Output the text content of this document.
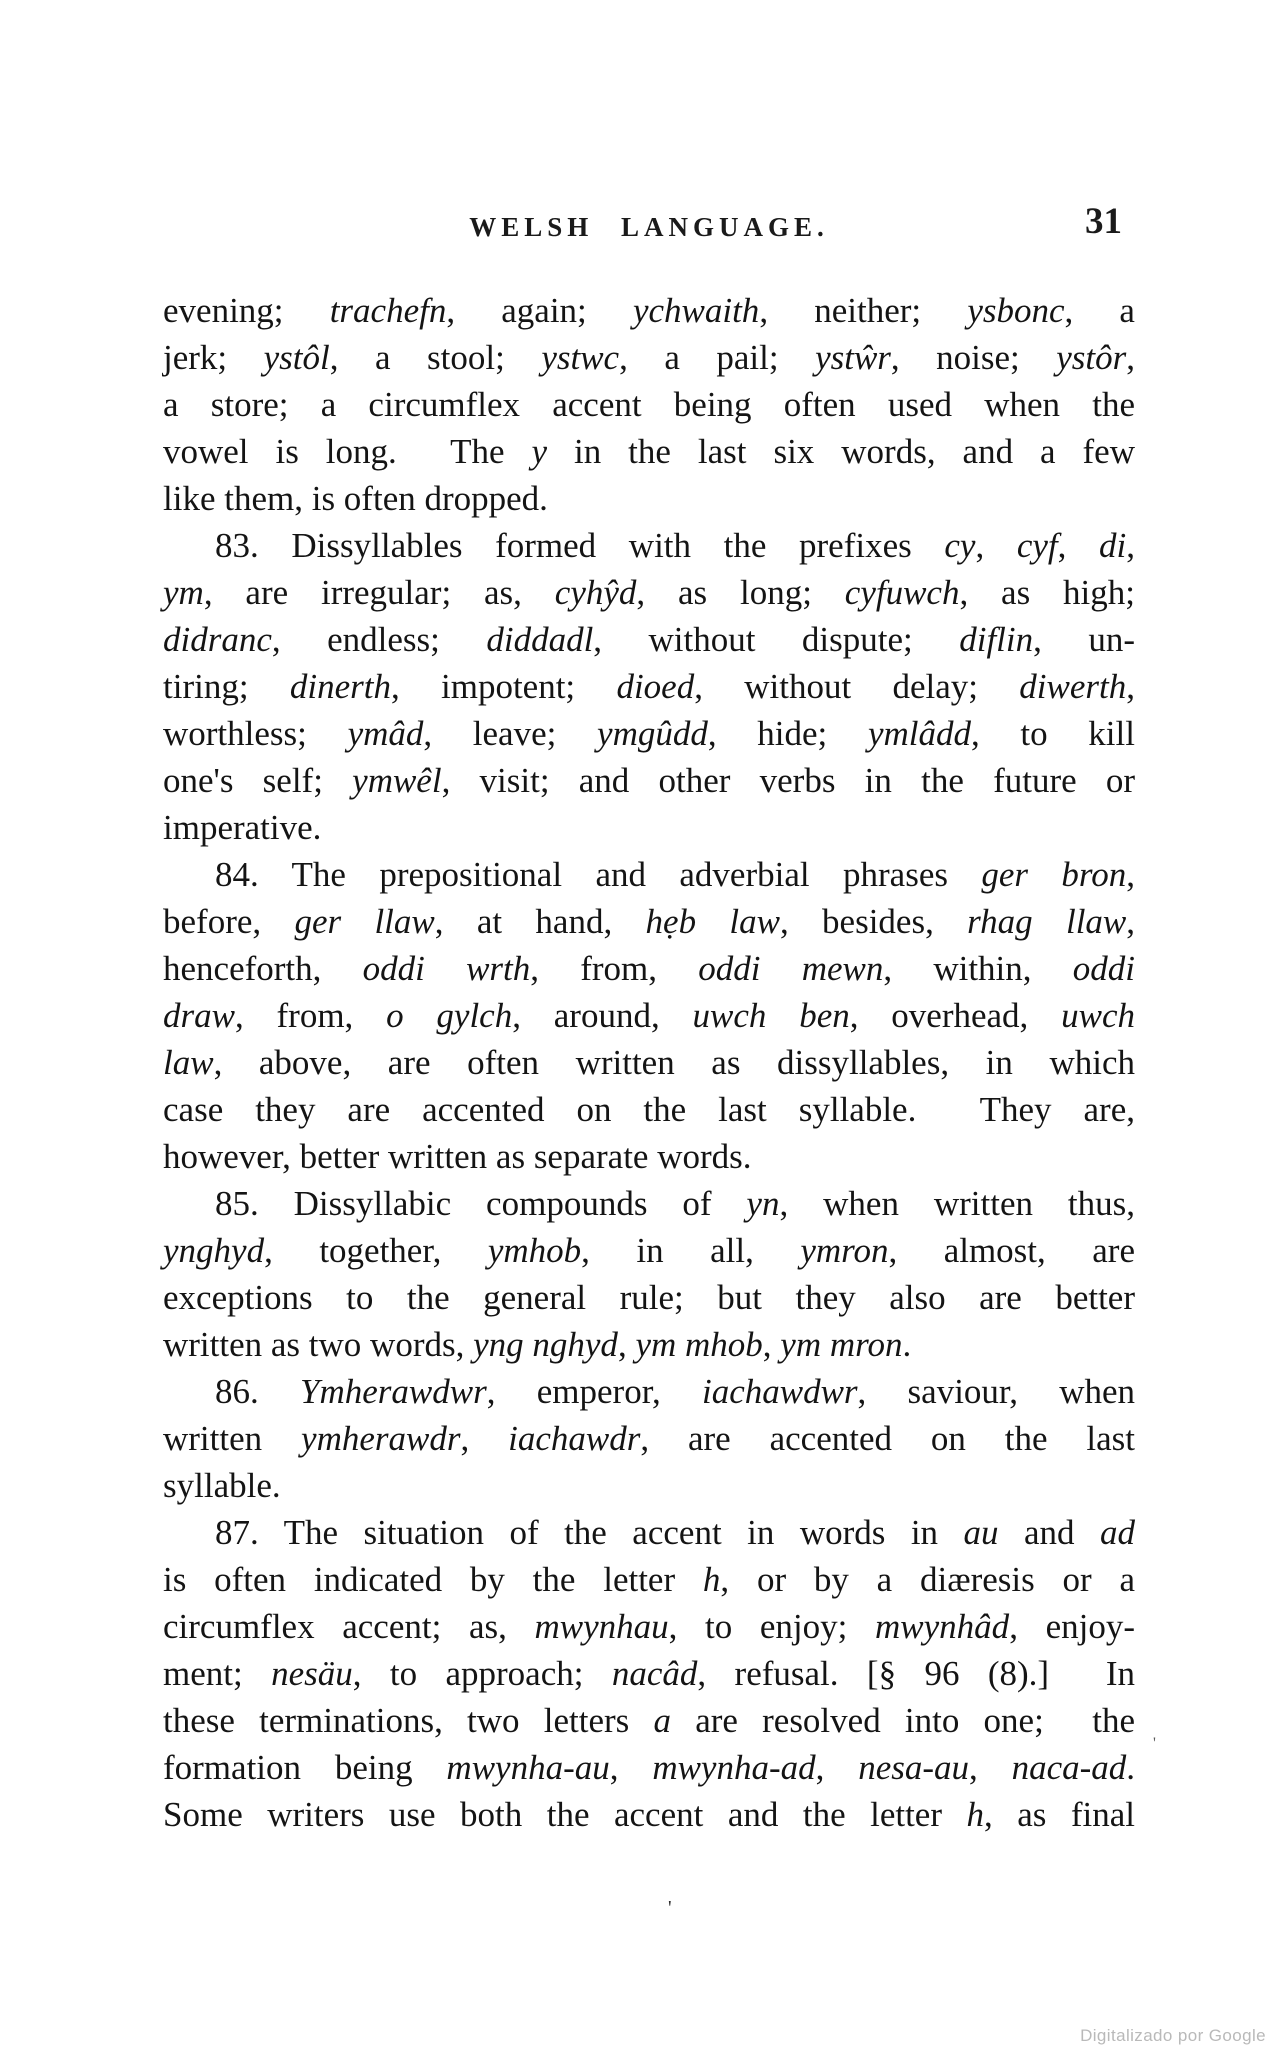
WELSH LANGUAGE.	31
evening; trachefn, again; ychwaith, neither; ysbonc, a
jerk; ystôl, a stool; ystwc, a pail; ystŵr, noise; ystôr,
a store; a circumflex accent being often used when the
vowel is long.  The y in the last six words, and a few
like them, is often dropped.
83. Dissyllables formed with the prefixes cy, cyf, di,
ym, are irregular; as, cyhŷd, as long; cyfuwch, as high;
didranc, endless; diddadl, without dispute; diflin, un-
tiring; dinerth, impotent; dioed, without delay; diwerth,
worthless; ymâd, leave; ymgûdd, hide; ymlâdd, to kill
one's self; ymwêl, visit; and other verbs in the future or
imperative.
84. The prepositional and adverbial phrases ger bron,
before, ger llaw, at hand, hẹb law, besides, rhag llaw,
henceforth, oddi wrth, from, oddi mewn, within, oddi
draw, from, o gylch, around, uwch ben, overhead, uwch
law, above, are often written as dissyllables, in which
case they are accented on the last syllable.  They are,
however, better written as separate words.
85. Dissyllabic compounds of yn, when written thus,
ynghyd, together, ymhob, in all, ymron, almost, are
exceptions to the general rule; but they also are better
written as two words, yng nghyd, ym mhob, ym mron.
86. Ymherawdwr, emperor, iachawdwr, saviour, when
written ymherawdr, iachawdr, are accented on the last
syllable.
87. The situation of the accent in words in au and ad
is often indicated by the letter h, or by a diæresis or a
circumflex accent; as, mwynhau, to enjoy; mwynhâd, enjoy-
ment; nesäu, to approach; nacâd, refusal. [§ 96 (8).]  In
these terminations, two letters a are resolved into one;  the
formation being mwynha-au, mwynha-ad, nesa-au, naca-ad.
Some writers use both the accent and the letter h, as final
'
'
Digitalizado por Google
